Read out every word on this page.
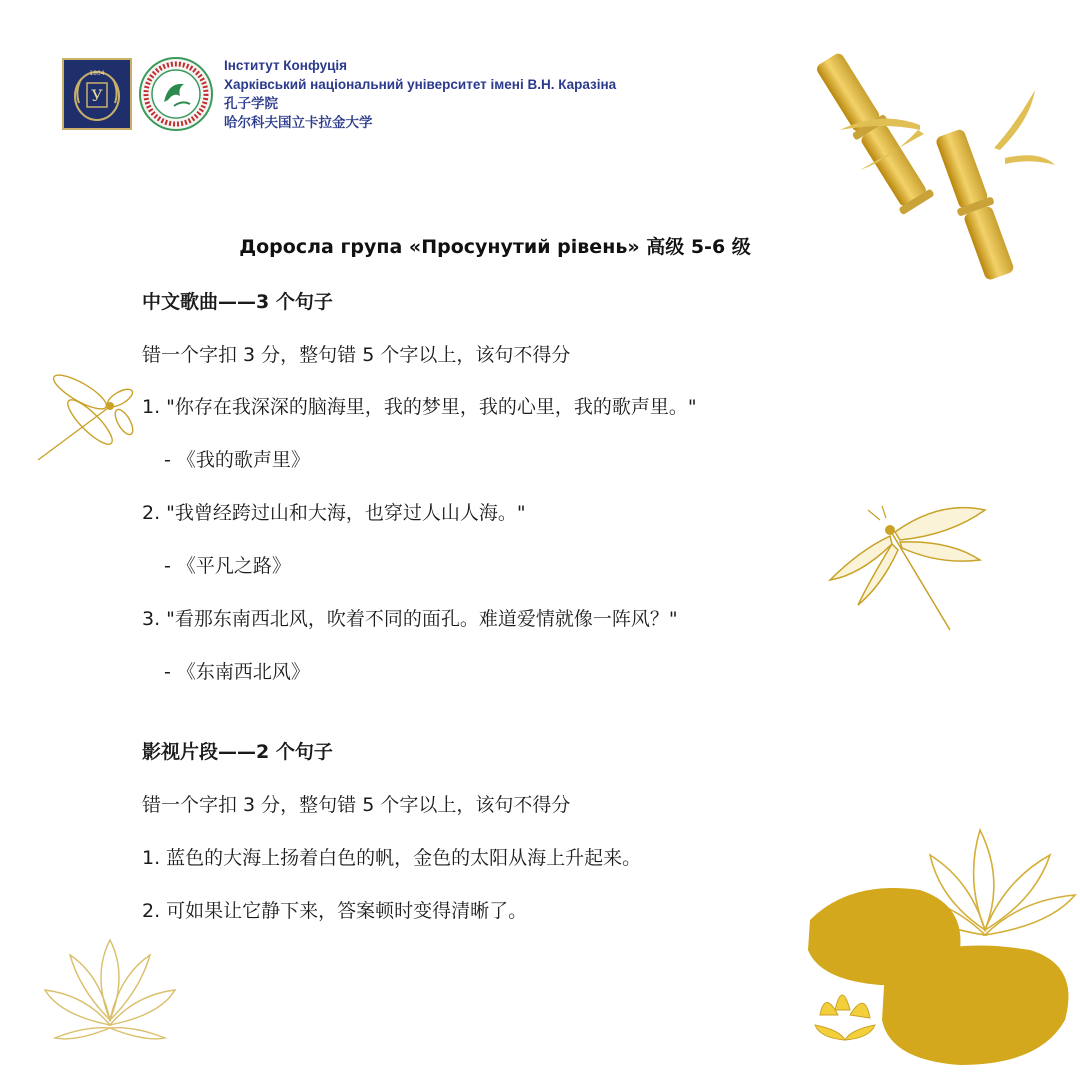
У
1804
Інститут Конфуція
Харківський національний університет імені В.Н. Каразіна
孔子学院
哈尔科夫国立卡拉金大学
Доросла група «Просунутий рівень» 高级 5-6 级
中文歌曲——3 个句子
错一个字扣 3 分，整句错 5 个字以上，该句不得分
1. "你存在我深深的脑海里，我的梦里，我的心里，我的歌声里。"
- 《我的歌声里》
2. "我曾经跨过山和大海，也穿过人山人海。"
- 《平凡之路》
3. "看那东南西北风，吹着不同的面孔。难道爱情就像一阵风？"
- 《东南西北风》
影视片段——2 个句子
错一个字扣 3 分，整句错 5 个字以上，该句不得分
1. 蓝色的大海上扬着白色的帆，金色的太阳从海上升起来。
2. 可如果让它静下来，答案顿时变得清晰了。
